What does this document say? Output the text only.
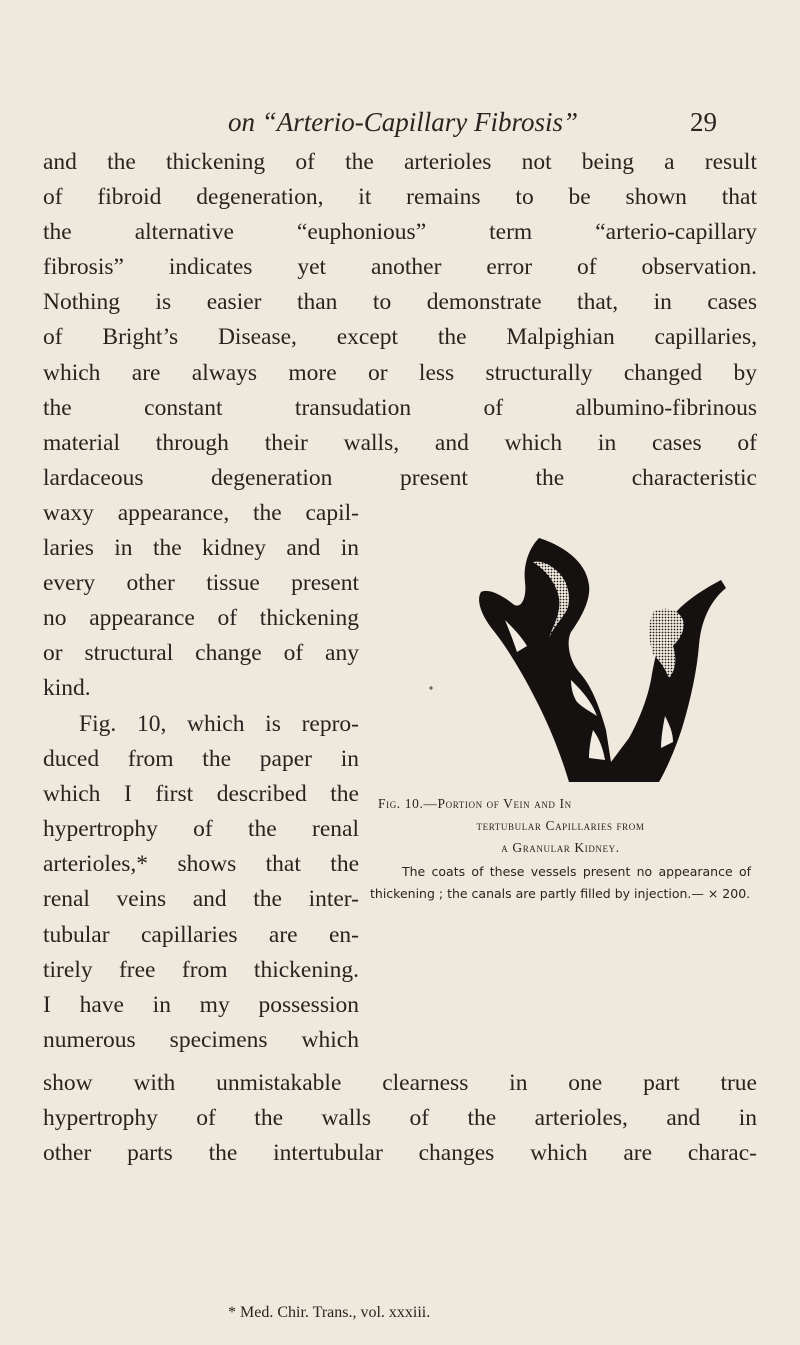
on “Arterio-Capillary Fibrosis”	29
and the thickening of the arterioles not being a result
of fibroid degeneration, it remains to be shown that
the alternative “euphonious” term “arterio-capillary
fibrosis” indicates yet another error of observation.
Nothing is easier than to demonstrate that, in cases
of Bright’s Disease, except the Malpighian capillaries,
which are always more or less structurally changed by
the constant transudation of albumino-fibrinous
material through their walls, and which in cases of
lardaceous degeneration present the characteristic
waxy appearance, the capil-
laries in the kidney and in
every other tissue present
no appearance of thickening
or structural change of any
kind.
Fig. 10, which is repro-
duced from the paper in
which I first described the
hypertrophy of the renal
arterioles,* shows that the
renal veins and the inter-
tubular capillaries are en-
tirely free from thickening.
I have in my possession
numerous specimens which
Fig. 10.—Portion of Vein and In
tertubular Capillaries from
a Granular Kidney.
The coats of these vessels present no appearance of thickening ; the canals are partly filled by injection.— × 200.
show with unmistakable clearness in one part true
hypertrophy of the walls of the arterioles, and in
other parts the intertubular changes which are charac-
* Med. Chir. Trans., vol. xxxiii.
